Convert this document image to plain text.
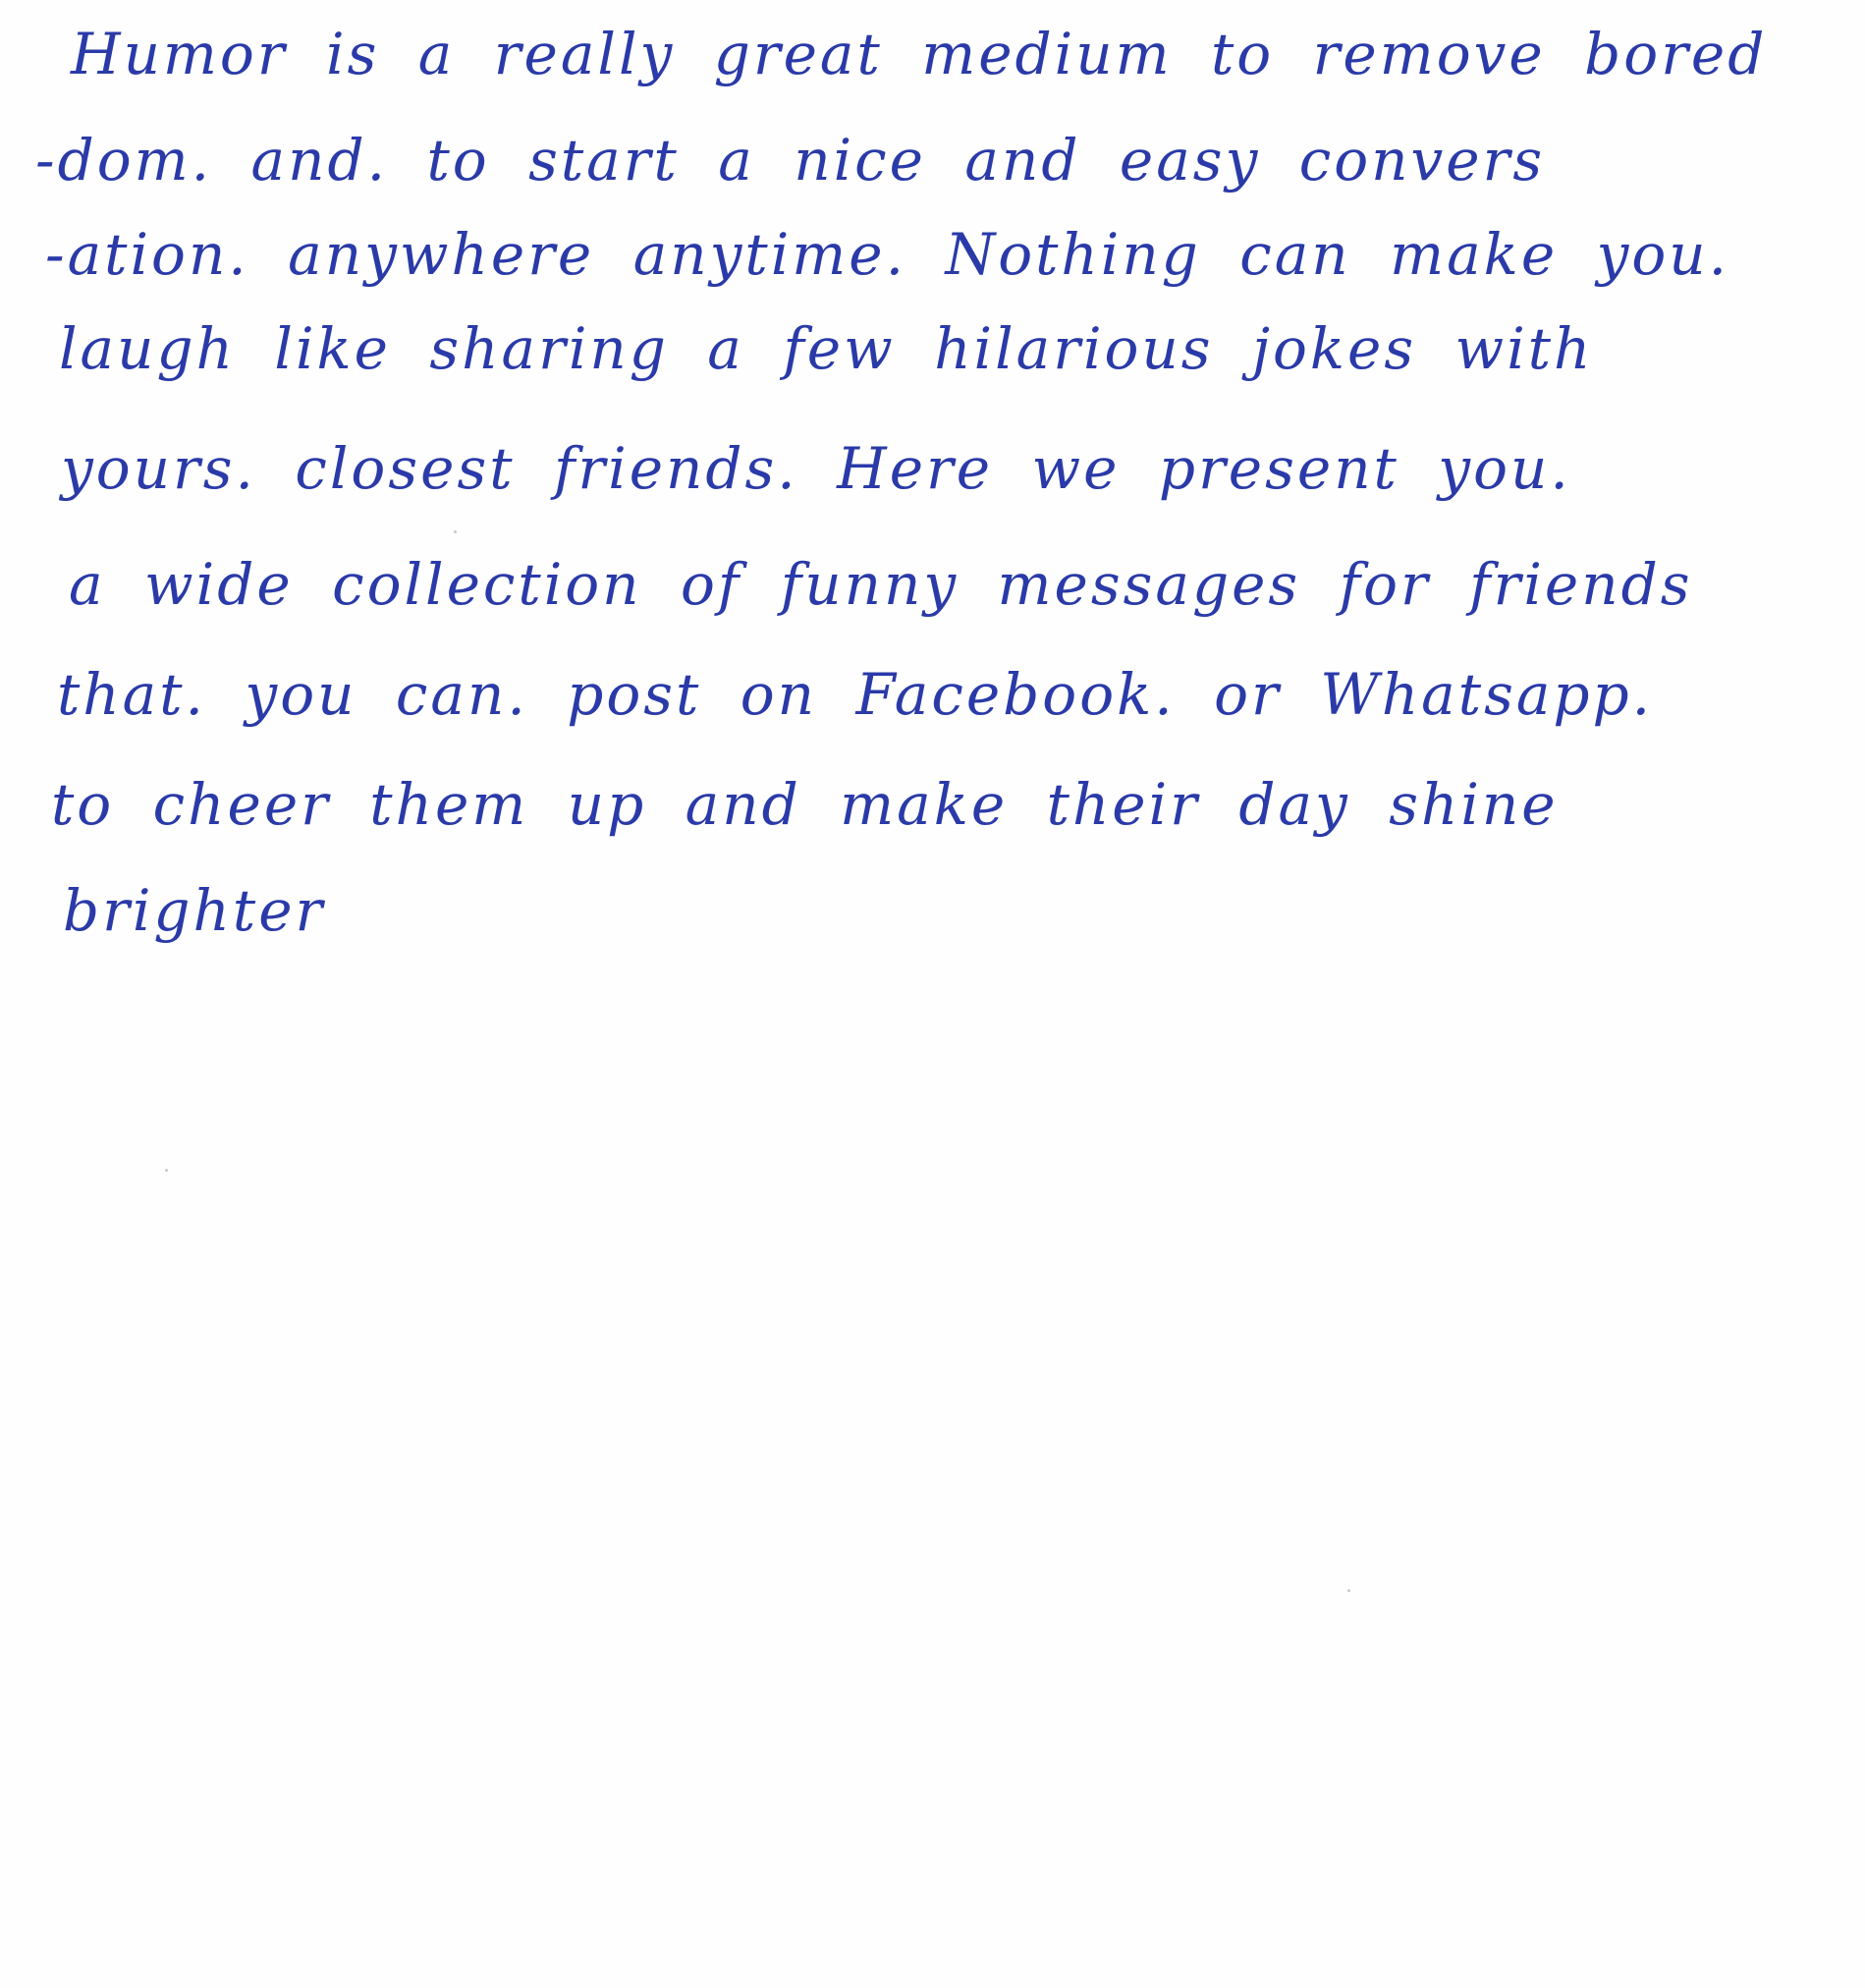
Humor is a really great medium to remove bored
-dom. and. to start a nice and easy convers
-ation. anywhere anytime. Nothing can make you.
laugh like sharing a few hilarious jokes with
yours. closest friends. Here we present you.
a wide collection of funny messages for friends
that. you can. post on Facebook. or Whatsapp.
to cheer them up and make their day shine
brighter
